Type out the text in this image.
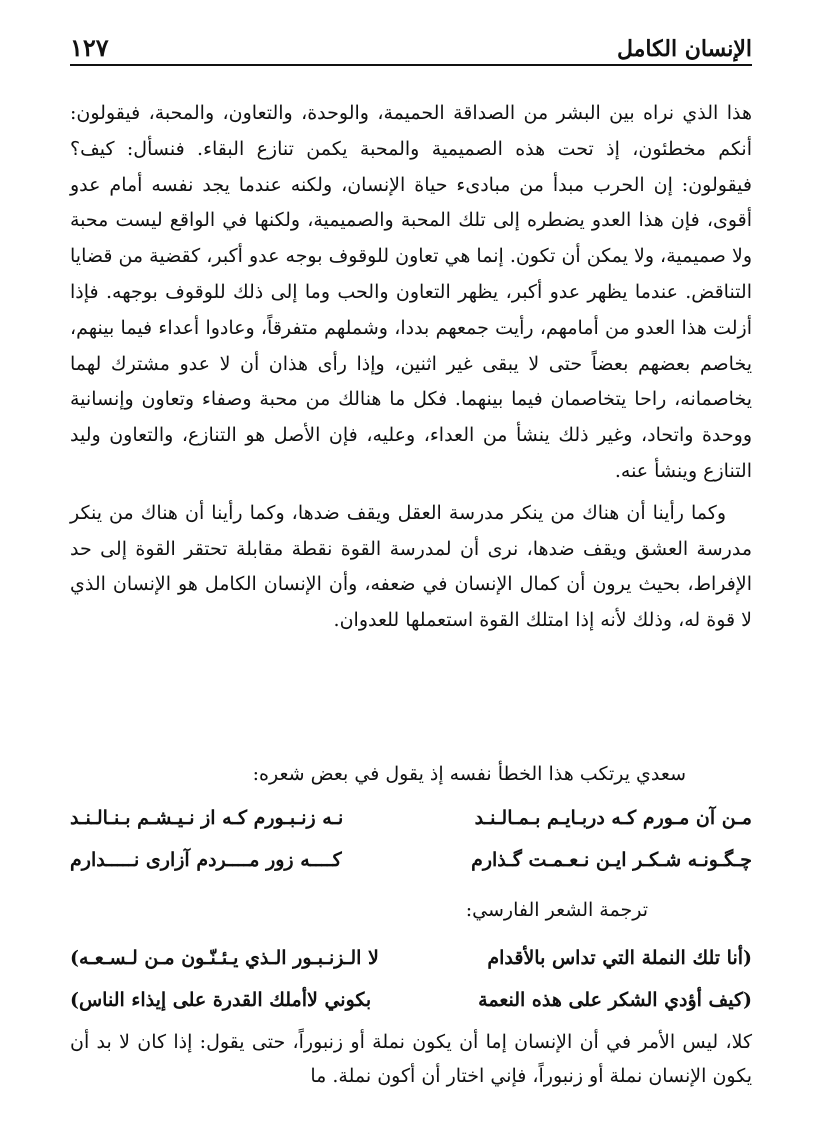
الإنسان الكامل
١٢٧

هذا الذي نراه بين البشر من الصداقة الحميمة، والوحدة، والتعاون، والمحبة، فيقولون: أنكم مخطئون، إذ تحت هذه الصميمية والمحبة يكمن تنازع البقاء. فنسأل: كيف؟ فيقولون: إن الحرب مبدأ من مبادىء حياة الإنسان، ولكنه عندما يجد نفسه أمام عدو أقوى، فإن هذا العدو يضطره إلى تلك المحبة والصميمية، ولكنها في الواقع ليست محبة ولا صميمية، ولا يمكن أن تكون. إنما هي تعاون للوقوف بوجه عدو أكبر، كقضية من قضايا التناقض. عندما يظهر عدو أكبر، يظهر التعاون والحب وما إلى ذلك للوقوف بوجهه. فإذا أزلت هذا العدو من أمامهم، رأيت جمعهم بددا، وشملهم متفرقاً، وعادوا أعداء فيما بينهم، يخاصم بعضهم بعضاً حتى لا يبقى غير اثنين، وإذا رأى هذان أن لا عدو مشترك لهما يخاصمانه، راحا يتخاصمان فيما بينهما. فكل ما هنالك من محبة وصفاء وتعاون وإنسانية ووحدة واتحاد، وغير ذلك ينشأ من العداء، وعليه، فإن الأصل هو التنازع، والتعاون وليد التنازع وينشأ عنه.

وكما رأينا أن هناك من ينكر مدرسة العقل ويقف ضدها، وكما رأينا أن هناك من ينكر مدرسة العشق ويقف ضدها، نرى أن لمدرسة القوة نقطة مقابلة تحتقر القوة إلى حد الإفراط، بحيث يرون أن كمال الإنسان في ضعفه، وأن الإنسان الكامل هو الإنسان الذي لا قوة له، وذلك لأنه إذا امتلك القوة استعملها للعدوان.

سعدي يرتكب هذا الخطأ نفسه إذ يقول في بعض شعره:

مـن آن مـورم كـه دربـايـم بـمـالـنـد
نـه زنـبـورم كـه از نـيـشـم بـنـالـنـد
چـگـونـه شـكـر ايـن نـعـمـت گـذارم
كــــه زور مــــردم آزارى نـــــدارم

ترجمة الشعر الفارسي:

(أنا تلك النملة التي تداس بالأقدام
لا الـزنـبـور الـذي يـئـنّـون مـن لـسـعـه)
(كيف أؤدي الشكر على هذه النعمة
بكوني لاأملك القدرة على إيذاء الناس)

كلا، ليس الأمر في أن الإنسان إما أن يكون نملة أو زنبوراً، حتى يقول: إذا كان لا بد أن يكون الإنسان نملة أو زنبوراً، فإني اختار أن أكون نملة. ما
